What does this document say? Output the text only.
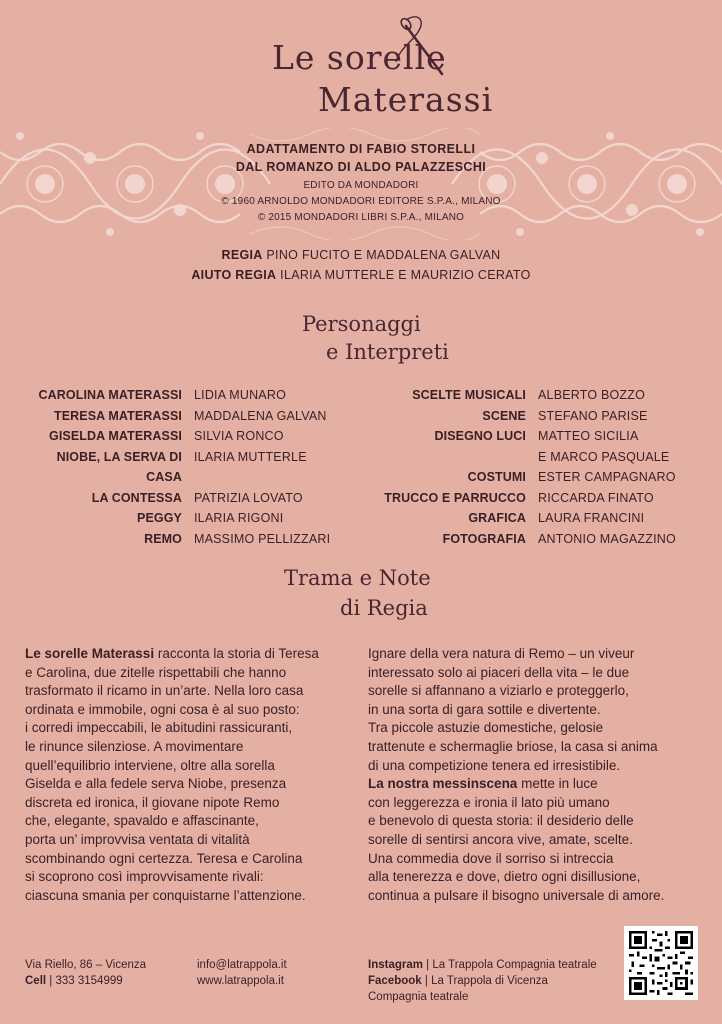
Le sorelle
Materassi
ADATTAMENTO DI FABIO STORELLI
DAL ROMANZO DI ALDO PALAZZESCHI
EDITO DA MONDADORI
© 1960 ARNOLDO MONDADORI EDITORE S.P.A., MILANO
© 2015 MONDADORI LIBRI S.P.A., MILANO
REGIA PINO FUCITO E MADDALENA GALVAN
AIUTO REGIA ILARIA MUTTERLE E MAURIZIO CERATO
Personaggi
e Interpreti
CAROLINA MATERASSI LIDIA MUNARO
TERESA MATERASSI MADDALENA GALVAN
GISELDA MATERASSI SILVIA RONCO
NIOBE, LA SERVA DI CASA
ILARIA MUTTERLE
LA CONTESSA PATRIZIA LOVATO
PEGGY ILARIA RIGONI
REMO MASSIMO PELLIZZARI
SCELTE MUSICALI ALBERTO BOZZO
SCENE STEFANO PARISE
DISEGNO LUCI MATTEO SICILIA
E MARCO PASQUALE
COSTUMI ESTER CAMPAGNARO
TRUCCO E PARRUCCO RICCARDA FINATO
GRAFICA LAURA FRANCINI
FOTOGRAFIA ANTONIO MAGAZZINO
Trama e Note
di Regia
Le sorelle Materassi racconta la storia di Teresa
e Carolina, due zitelle rispettabili che hanno
trasformato il ricamo in un’arte. Nella loro casa
ordinata e immobile, ogni cosa è al suo posto:
i corredi impeccabili, le abitudini rassicuranti,
le rinunce silenziose. A movimentare
quell’equilibrio interviene, oltre alla sorella
Giselda e alla fedele serva Niobe, presenza
discreta ed ironica, il giovane nipote Remo
che, elegante, spavaldo e affascinante,
porta un’ improvvisa ventata di vitalità
scombinando ogni certezza. Teresa e Carolina
si scoprono così improvvisamente rivali:
ciascuna smania per conquistarne l’attenzione.
Ignare della vera natura di Remo – un viveur
interessato solo ai piaceri della vita – le due
sorelle si affannano a viziarlo e proteggerlo,
in una sorta di gara sottile e divertente.
Tra piccole astuzie domestiche, gelosie
trattenute e schermaglie briose, la casa si anima
di una competizione tenera ed irresistibile.
La nostra messinscena mette in luce
con leggerezza e ironia il lato più umano
e benevolo di questa storia: il desiderio delle
sorelle di sentirsi ancora vive, amate, scelte.
Una commedia dove il sorriso si intreccia
alla tenerezza e dove, dietro ogni disillusione,
continua a pulsare il bisogno universale di amore.
Via Riello, 86 – Vicenza
Cell | 333 3154999
info@latrappola.it
www.latrappola.it
Instagram | La Trappola Compagnia teatrale
Facebook | La Trappola di Vicenza
Compagnia teatrale
